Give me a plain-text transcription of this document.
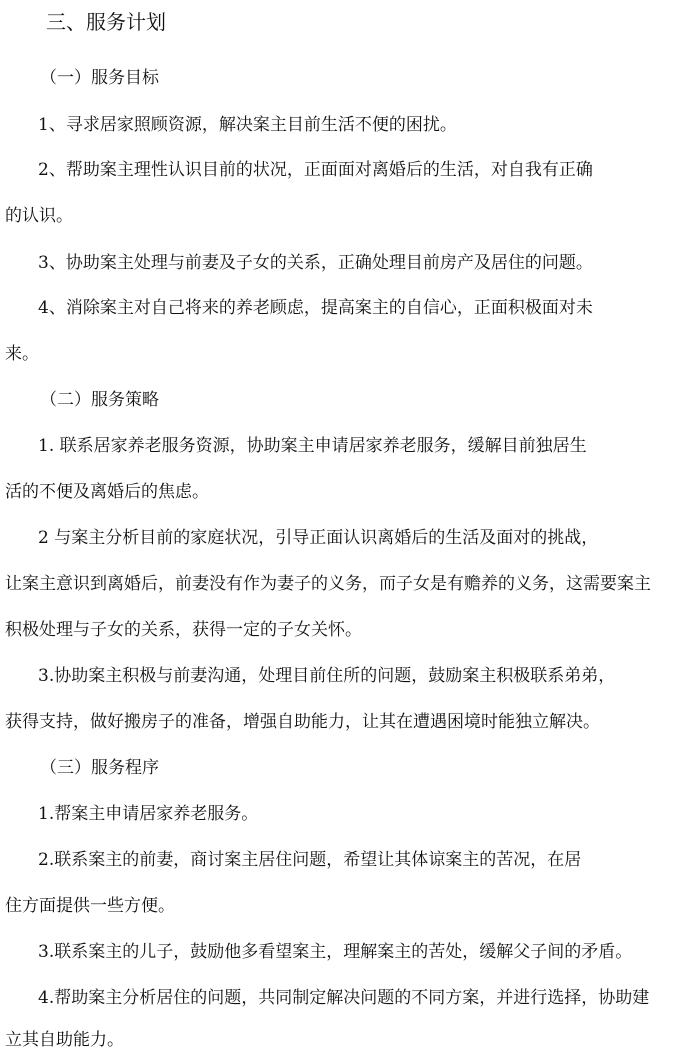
三、服务计划
（一）服务目标
1、寻求居家照顾资源，解决案主目前生活不便的困扰。
2、帮助案主理性认识目前的状况，正面面对离婚后的生活，对自我有正确
的认识。
3、协助案主处理与前妻及子女的关系，正确处理目前房产及居住的问题。
4、消除案主对自己将来的养老顾虑，提高案主的自信心，正面积极面对未
来。
（二）服务策略
1. 联系居家养老服务资源，协助案主申请居家养老服务，缓解目前独居生
活的不便及离婚后的焦虑。
2 与案主分析目前的家庭状况，引导正面认识离婚后的生活及面对的挑战，
让案主意识到离婚后，前妻没有作为妻子的义务，而子女是有赡养的义务，这需要案主
积极处理与子女的关系，获得一定的子女关怀。
3.协助案主积极与前妻沟通，处理目前住所的问题，鼓励案主积极联系弟弟，
获得支持，做好搬房子的准备，增强自助能力，让其在遭遇困境时能独立解决。
（三）服务程序
1.帮案主申请居家养老服务。
2.联系案主的前妻，商讨案主居住问题，希望让其体谅案主的苦况，在居
住方面提供一些方便。
3.联系案主的儿子，鼓励他多看望案主，理解案主的苦处，缓解父子间的矛盾。
4.帮助案主分析居住的问题，共同制定解决问题的不同方案，并进行选择，协助建
立其自助能力。
